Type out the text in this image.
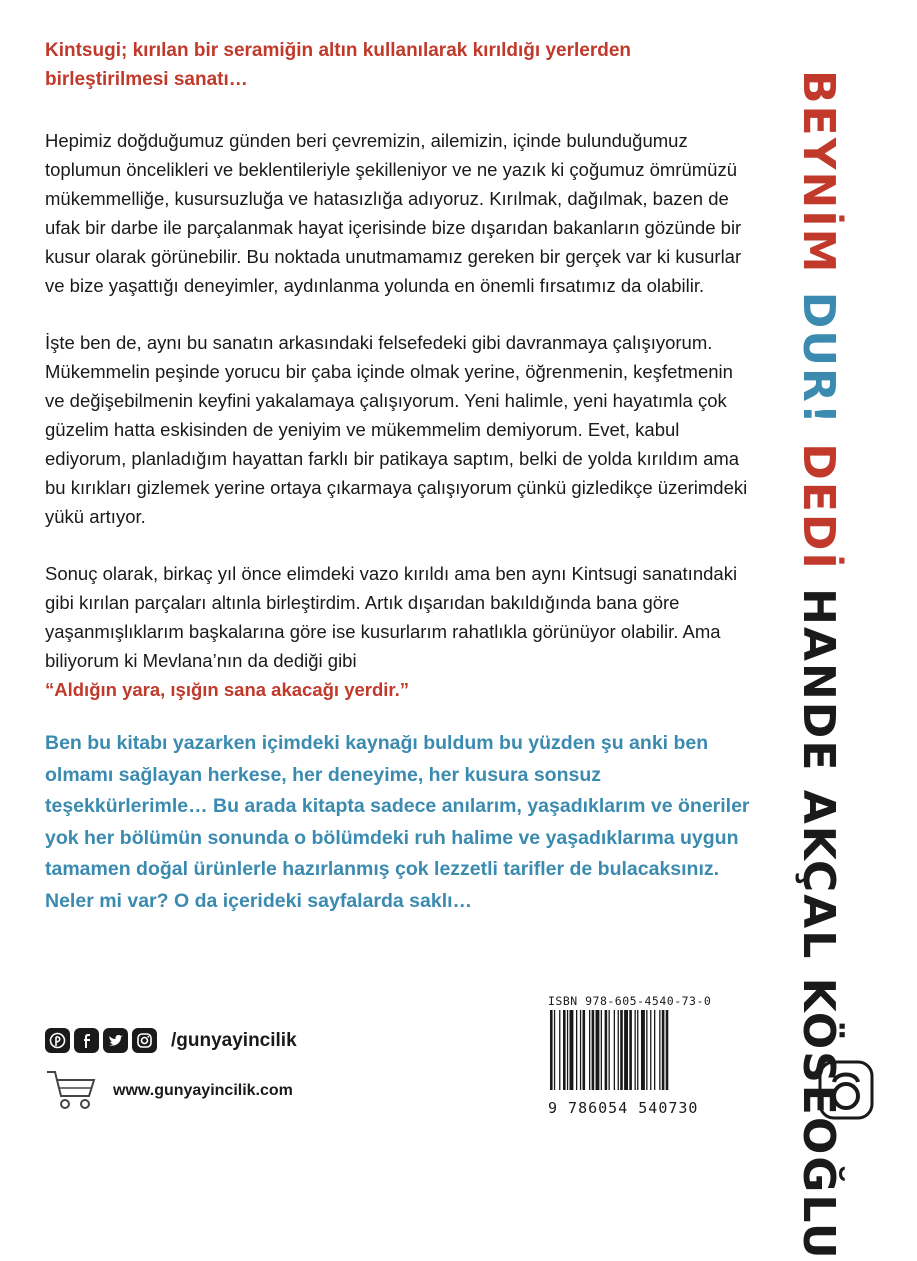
Kintsugi; kırılan bir seramiğin altın kullanılarak kırıldığı yerlerden birleştirilmesi sanatı…

Hepimiz doğduğumuz günden beri çevremizin, ailemizin, içinde bulunduğumuz toplumun öncelikleri ve beklentileriyle şekilleniyor ve ne yazık ki çoğumuz ömrümüzü mükemmelliğe, kusursuzluğa ve hatasızlığa adıyoruz. Kırılmak, dağılmak, bazen de ufak bir darbe ile parçalanmak hayat içerisinde bize dışarıdan bakanların gözünde bir kusur olarak görünebilir. Bu noktada unutmamamız gereken bir gerçek var ki kusurlar ve bize yaşattığı deneyimler, aydınlanma yolunda en önemli fırsatımız da olabilir.

İşte ben de, aynı bu sanatın arkasındaki felsefedeki gibi davranmaya çalışıyorum. Mükemmelin peşinde yorucu bir çaba içinde olmak yerine, öğrenmenin, keşfetmenin ve değişebilmenin keyfini yakalamaya çalışıyorum. Yeni halimle, yeni hayatımla çok güzelim hatta eskisinden de yeniyim ve mükemmelim demiyorum. Evet, kabul ediyorum, planladığım hayattan farklı bir patikaya saptım, belki de yolda kırıldım ama bu kırıkları gizlemek yerine ortaya çıkarmaya çalışıyorum çünkü gizledikçe üzerimdeki yükü artıyor.

Sonuç olarak, birkaç yıl önce elimdeki vazo kırıldı ama ben aynı Kintsugi sanatındaki gibi kırılan parçaları altınla birleştirdim. Artık dışarıdan bakıldığında bana göre yaşanmışlıklarım başkalarına göre ise kusurlarım rahatlıkla görünüyor olabilir. Ama biliyorum ki Mevlana’nın da dediği gibi
“Aldığın yara, ışığın sana akacağı yerdir.”

Ben bu kitabı yazarken içimdeki kaynağı buldum bu yüzden şu anki ben olmamı sağlayan herkese, her deneyime, her kusura sonsuz teşekkürlerimle… Bu arada kitapta sadece anılarım, yaşadıklarım ve öneriler yok her bölümün sonunda o bölümdeki ruh halime ve yaşadıklarıma uygun tamamen doğal ürünlerle hazırlanmış çok lezzetli tarifler de bulacaksınız. Neler mi var? O da içerideki sayfalarda saklı…

BEYNİM DUR! DEDİ HANDE AKÇAL KÖSEOĞLU
/gunyayincilik
www.gunyayincilik.com
ISBN 978-605-4540-73-0
9 786054 540730
